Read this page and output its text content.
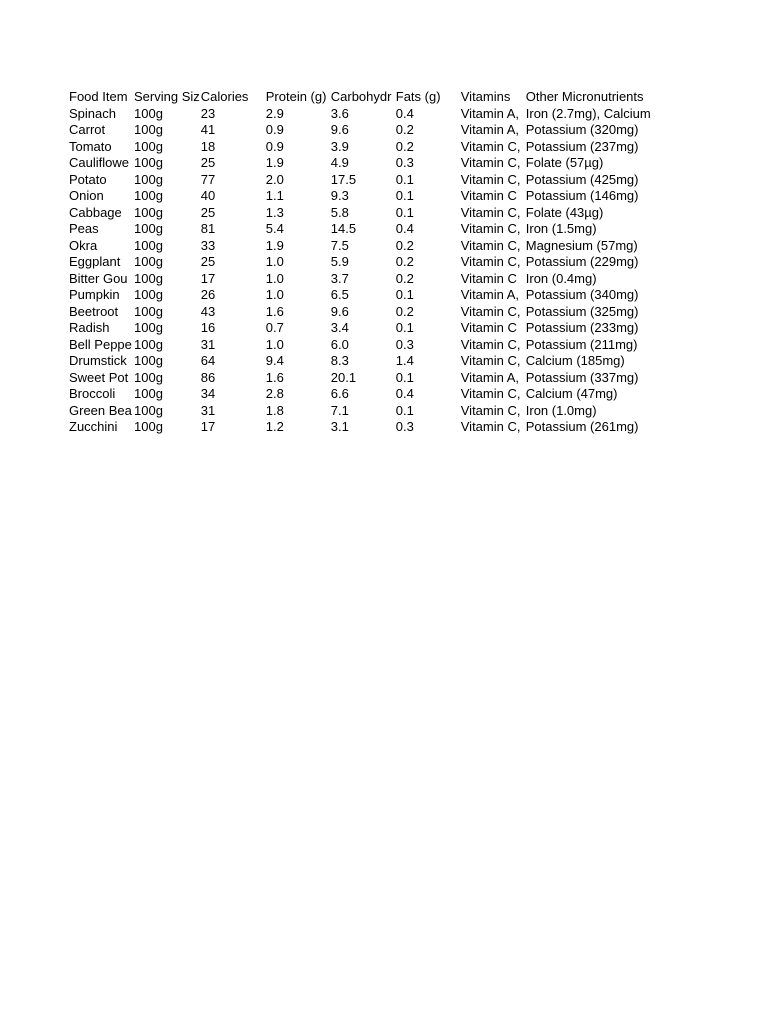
Food Item	Serving Siz	Calories	Protein (g)	Carbohydr	Fats (g)	Vitamins	Other Micronutrients
Spinach	100g	23	2.9	3.6	0.4	Vitamin A,	Iron (2.7mg), Calcium
Carrot	100g	41	0.9	9.6	0.2	Vitamin A,	Potassium (320mg)
Tomato	100g	18	0.9	3.9	0.2	Vitamin C,	Potassium (237mg)
Cauliflowe	100g	25	1.9	4.9	0.3	Vitamin C,	Folate (57µg)
Potato	100g	77	2.0	17.5	0.1	Vitamin C,	Potassium (425mg)
Onion	100g	40	1.1	9.3	0.1	Vitamin C	Potassium (146mg)
Cabbage	100g	25	1.3	5.8	0.1	Vitamin C,	Folate (43µg)
Peas	100g	81	5.4	14.5	0.4	Vitamin C,	Iron (1.5mg)
Okra	100g	33	1.9	7.5	0.2	Vitamin C,	Magnesium (57mg)
Eggplant	100g	25	1.0	5.9	0.2	Vitamin C,	Potassium (229mg)
Bitter Gou	100g	17	1.0	3.7	0.2	Vitamin C	Iron (0.4mg)
Pumpkin	100g	26	1.0	6.5	0.1	Vitamin A,	Potassium (340mg)
Beetroot	100g	43	1.6	9.6	0.2	Vitamin C,	Potassium (325mg)
Radish	100g	16	0.7	3.4	0.1	Vitamin C	Potassium (233mg)
Bell Peppe	100g	31	1.0	6.0	0.3	Vitamin C,	Potassium (211mg)
Drumstick	100g	64	9.4	8.3	1.4	Vitamin C,	Calcium (185mg)
Sweet Pot	100g	86	1.6	20.1	0.1	Vitamin A,	Potassium (337mg)
Broccoli	100g	34	2.8	6.6	0.4	Vitamin C,	Calcium (47mg)
Green Bea	100g	31	1.8	7.1	0.1	Vitamin C,	Iron (1.0mg)
Zucchini	100g	17	1.2	3.1	0.3	Vitamin C,	Potassium (261mg)
